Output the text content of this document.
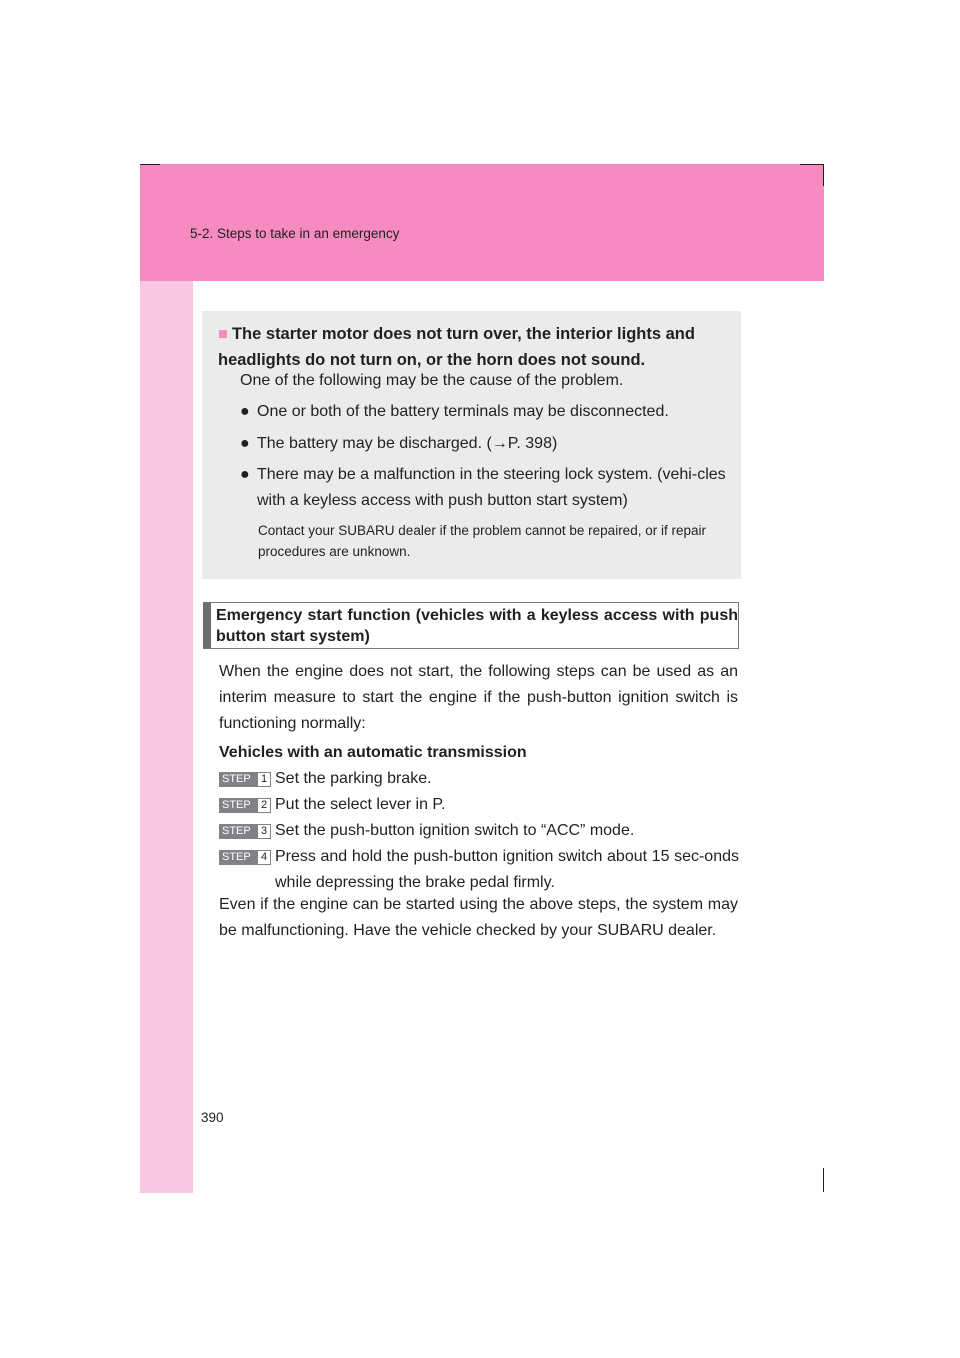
5-2. Steps to take in an emergency
■ The starter motor does not turn over, the interior lights and headlights do not turn on, or the horn does not sound.
One of the following may be the cause of the problem.
● One or both of the battery terminals may be disconnected.
● The battery may be discharged. (→P. 398)
● There may be a malfunction in the steering lock system. (vehi-cles with a keyless access with push button start system)
Contact your SUBARU dealer if the problem cannot be repaired, or if repair procedures are unknown.
Emergency start function (vehicles with a keyless access with push button start system)
When the engine does not start, the following steps can be used as an interim measure to start the engine if the push-button ignition switch is functioning normally:
Vehicles with an automatic transmission
STEP 1 Set the parking brake.
STEP 2 Put the select lever in P.
STEP 3 Set the push-button ignition switch to “ACC” mode.
STEP 4 Press and hold the push-button ignition switch about 15 sec-onds while depressing the brake pedal firmly.
Even if the engine can be started using the above steps, the system may be malfunctioning. Have the vehicle checked by your SUBARU dealer.
390
